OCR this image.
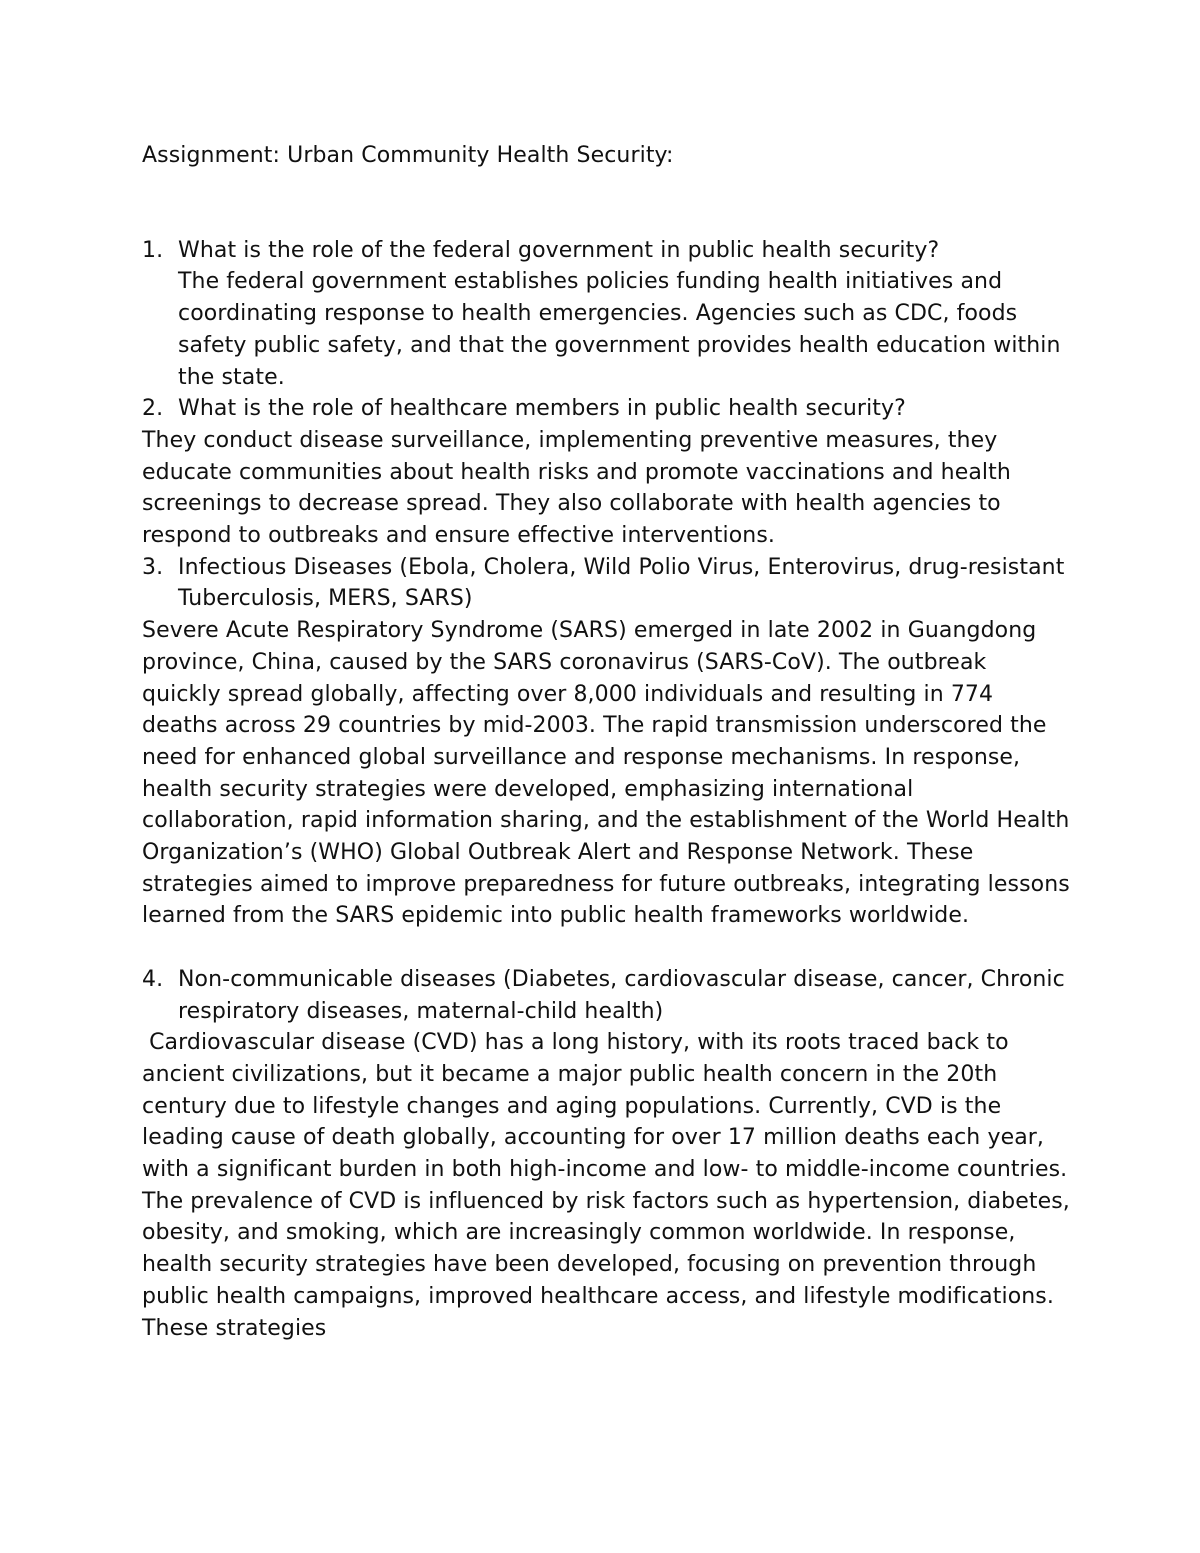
Assignment: Urban Community Health Security:

1. What is the role of the federal government in public health security?

The federal government establishes policies funding health initiatives and coordinating response to health emergencies. Agencies such as CDC, foods safety public safety, and that the government provides health education within the state.

2. What is the role of healthcare members in public health security?

They conduct disease surveillance, implementing preventive measures, they educate communities about health risks and promote vaccinations and health screenings to decrease spread. They also collaborate with health agencies to respond to outbreaks and ensure effective interventions.

3. Infectious Diseases (Ebola, Cholera, Wild Polio Virus, Enterovirus, drug-resistant Tuberculosis, MERS, SARS)

Severe Acute Respiratory Syndrome (SARS) emerged in late 2002 in Guangdong province, China, caused by the SARS coronavirus (SARS-CoV). The outbreak quickly spread globally, affecting over 8,000 individuals and resulting in 774 deaths across 29 countries by mid-2003. The rapid transmission underscored the need for enhanced global surveillance and response mechanisms. In response, health security strategies were developed, emphasizing international collaboration, rapid information sharing, and the establishment of the World Health Organization’s (WHO) Global Outbreak Alert and Response Network. These strategies aimed to improve preparedness for future outbreaks, integrating lessons learned from the SARS epidemic into public health frameworks worldwide.

4. Non-communicable diseases (Diabetes, cardiovascular disease, cancer, Chronic respiratory diseases, maternal-child health)

Cardiovascular disease (CVD) has a long history, with its roots traced back to ancient civilizations, but it became a major public health concern in the 20th century due to lifestyle changes and aging populations. Currently, CVD is the leading cause of death globally, accounting for over 17 million deaths each year, with a significant burden in both high-income and low- to middle-income countries. The prevalence of CVD is influenced by risk factors such as hypertension, diabetes, obesity, and smoking, which are increasingly common worldwide. In response, health security strategies have been developed, focusing on prevention through public health campaigns, improved healthcare access, and lifestyle modifications. These strategies
